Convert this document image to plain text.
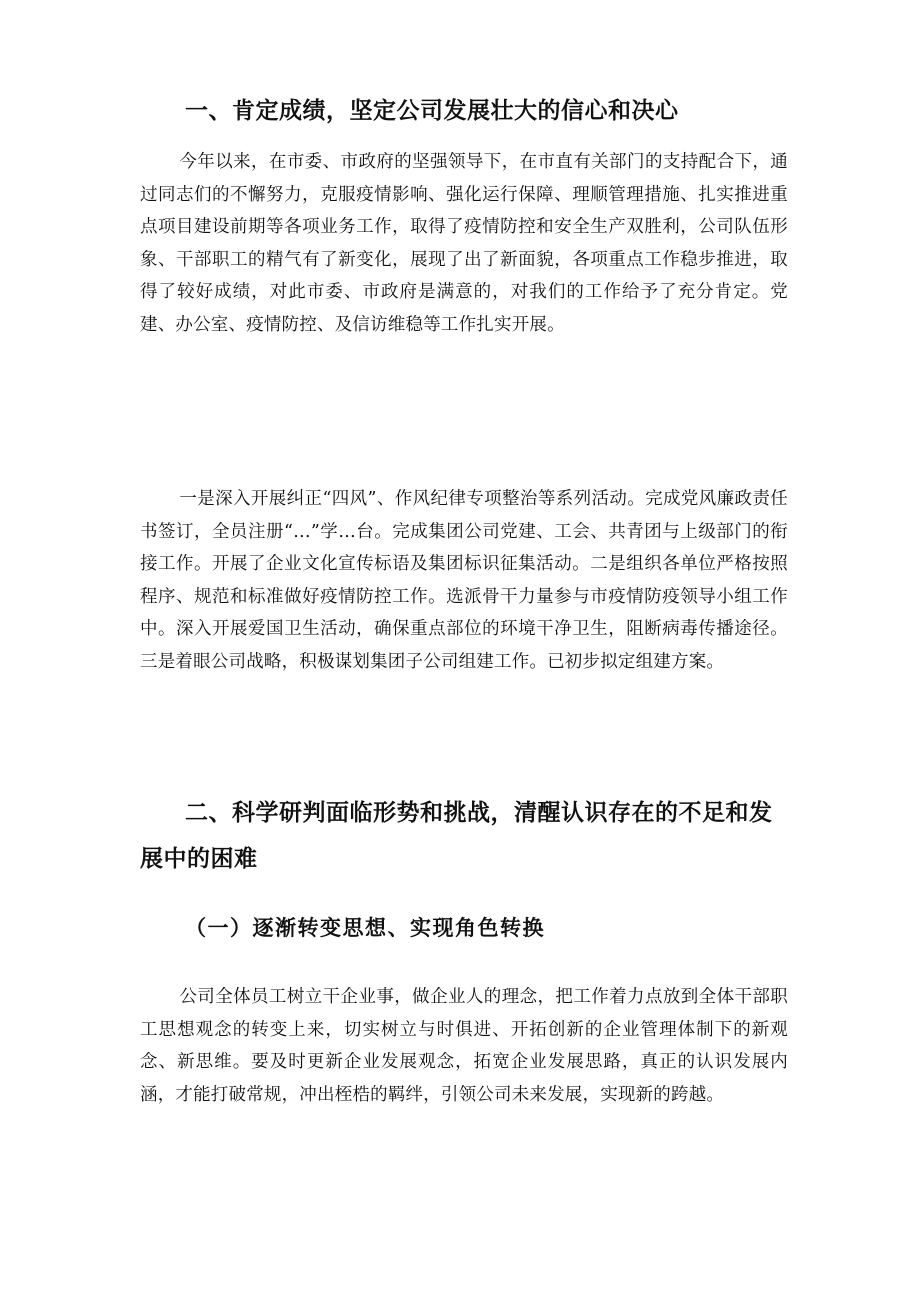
一、肯定成绩，坚定公司发展壮大的信心和决心

今年以来，在市委、市政府的坚强领导下，在市直有关部门的支持配合下，通过同志们的不懈努力，克服疫情影响、强化运行保障、理顺管理措施、扎实推进重点项目建设前期等各项业务工作，取得了疫情防控和安全生产双胜利，公司队伍形象、干部职工的精气有了新变化，展现了出了新面貌，各项重点工作稳步推进，取得了较好成绩，对此市委、市政府是满意的，对我们的工作给予了充分肯定。党建、办公室、疫情防控、及信访维稳等工作扎实开展。

一是深入开展纠正“四风”、作风纪律专项整治等系列活动。完成党风廉政责任书签订，全员注册“…”学…台。完成集团公司党建、工会、共青团与上级部门的衔接工作。开展了企业文化宣传标语及集团标识征集活动。二是组织各单位严格按照程序、规范和标准做好疫情防控工作。选派骨干力量参与市疫情防疫领导小组工作中。深入开展爱国卫生活动，确保重点部位的环境干净卫生，阻断病毒传播途径。三是着眼公司战略，积极谋划集团子公司组建工作。已初步拟定组建方案。

二、科学研判面临形势和挑战，清醒认识存在的不足和发展中的困难
（一）逐渐转变思想、实现角色转换

公司全体员工树立干企业事，做企业人的理念，把工作着力点放到全体干部职工思想观念的转变上来，切实树立与时俱进、开拓创新的企业管理体制下的新观念、新思维。要及时更新企业发展观念，拓宽企业发展思路，真正的认识发展内涵，才能打破常规，冲出桎梏的羁绊，引领公司未来发展，实现新的跨越。
